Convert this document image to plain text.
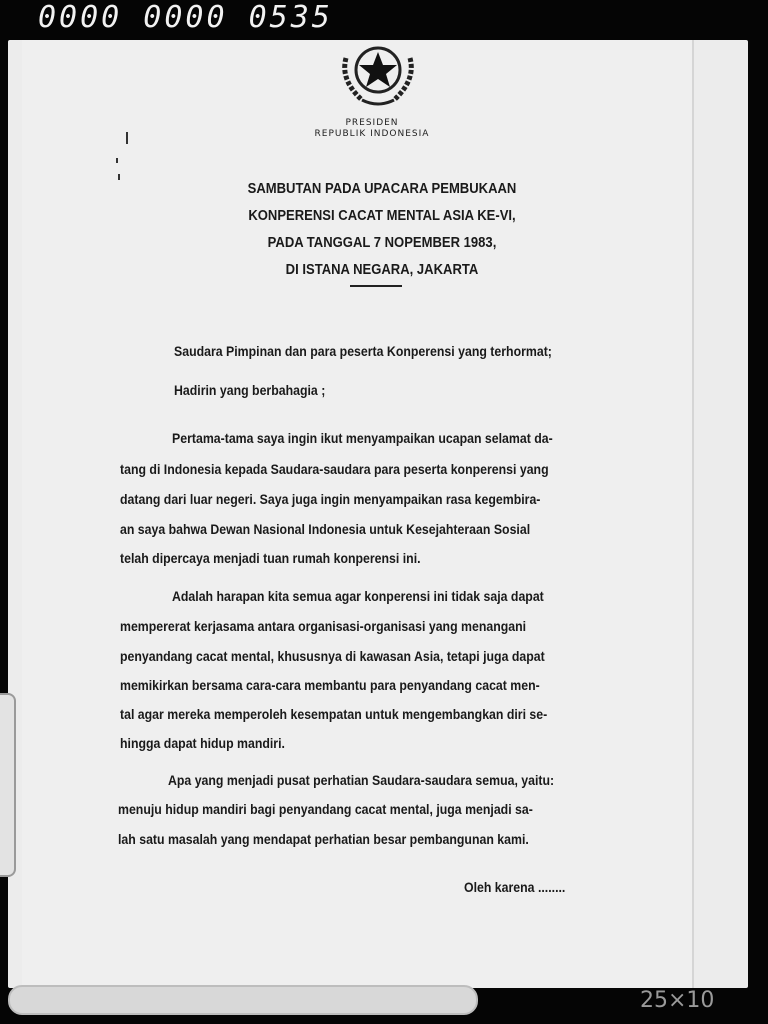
0000 0000 0535
PRESIDEN
REPUBLIK INDONESIA
SAMBUTAN PADA UPACARA PEMBUKAAN
KONPERENSI CACAT MENTAL ASIA KE-VI,
PADA TANGGAL 7 NOPEMBER 1983,
DI ISTANA NEGARA, JAKARTA
Saudara Pimpinan dan para peserta Konperensi yang terhormat;
Hadirin yang berbahagia ;
Pertama-tama saya ingin ikut menyampaikan ucapan selamat da-
tang di Indonesia kepada Saudara-saudara para peserta konperensi yang
datang dari luar negeri. Saya juga ingin menyampaikan rasa kegembira-
an saya bahwa Dewan Nasional Indonesia untuk Kesejahteraan Sosial
telah dipercaya menjadi tuan rumah konperensi ini.
Adalah harapan kita semua agar konperensi ini tidak saja dapat
mempererat kerjasama antara organisasi-organisasi yang menangani
penyandang cacat mental, khususnya di kawasan Asia, tetapi juga dapat
memikirkan bersama cara-cara membantu para penyandang cacat men-
tal agar mereka memperoleh kesempatan untuk mengembangkan diri se-
hingga dapat hidup mandiri.
Apa yang menjadi pusat perhatian Saudara-saudara semua, yaitu:
menuju hidup mandiri bagi penyandang cacat mental, juga menjadi sa-
lah satu masalah yang mendapat perhatian besar pembangunan kami.
Oleh karena ........
25×10
